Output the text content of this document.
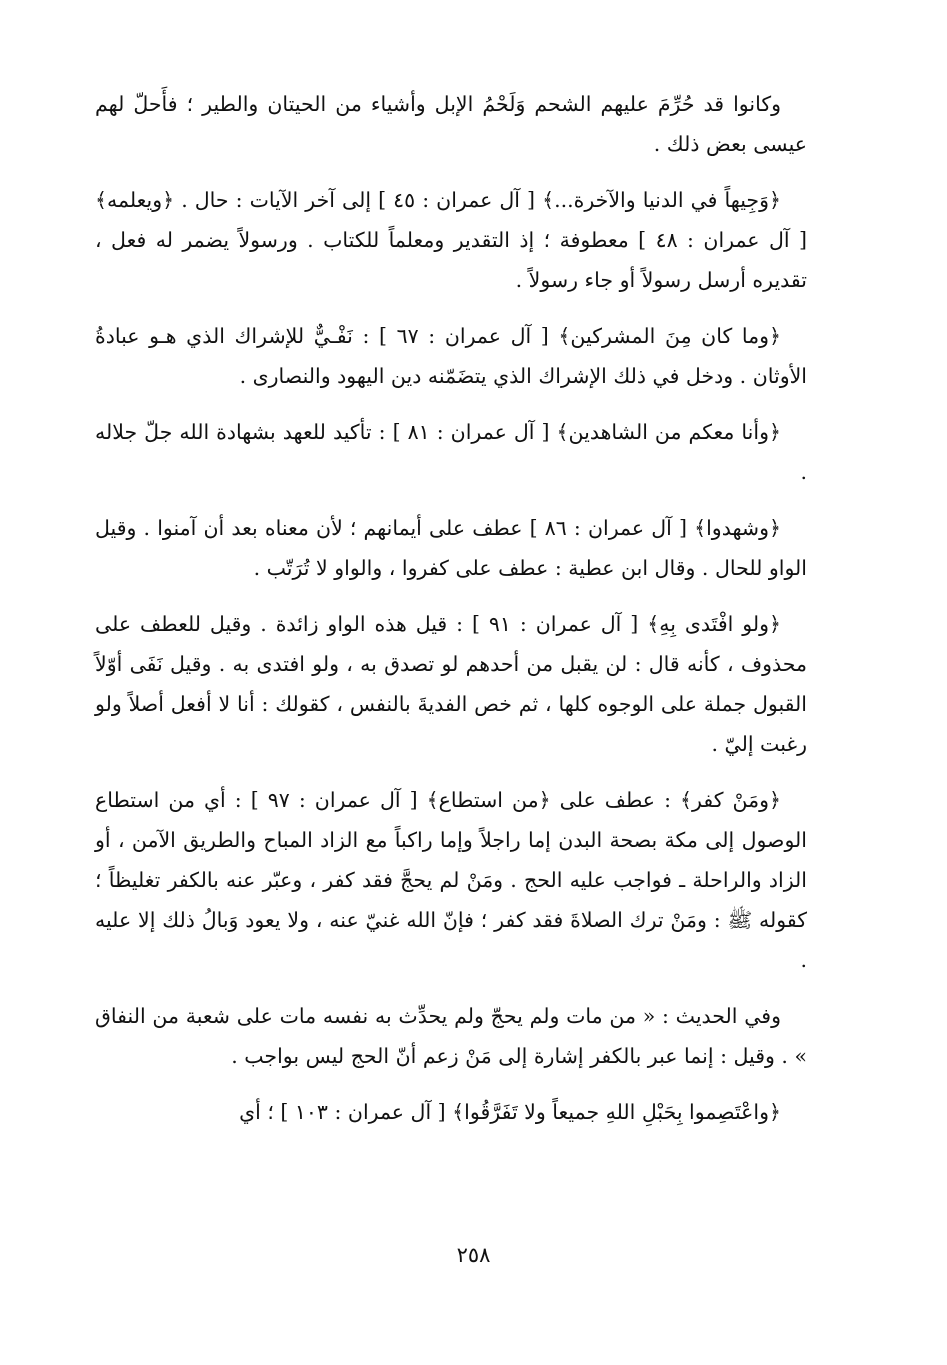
وكانوا قد حُرِّمَ عليهم الشحم وَلَحْمُ الإبل وأشياء من الحيتان والطير ؛ فأَحلّ لهم عيسى بعض ذلك .

﴿وَجِيهاً في الدنيا والآخرة...﴾ [ آل عمران : ٤٥ ] إلى آخر الآيات : حال . ﴿ويعلمه﴾ [ آل عمران : ٤٨ ] معطوفة ؛ إذ التقدير ومعلماً للكتاب . ورسولاً يضمر له فعل ، تقديره أرسل رسولاً أو جاء رسولاً .

﴿وما كان مِنَ المشركين﴾ [ آل عمران : ٦٧ ] : نَفْـيٌّ للإشراك الذي هـو عبادةُ الأوثان . ودخل في ذلك الإشراك الذي يتضَمّنه دين اليهود والنصارى .

﴿وأنا معكم من الشاهدين﴾ [ آل عمران : ٨١ ] : تأكيد للعهد بشهادة الله جلّ جلاله .

﴿وشهدوا﴾ [ آل عمران : ٨٦ ] عطف على أيمانهم ؛ لأن معناه بعد أن آمنوا . وقيل الواو للحال . وقال ابن عطية : عطف على كفروا ، والواو لا تُرَتّب .

﴿ولو افْتَدى بِهِ﴾ [ آل عمران : ٩١ ] : قيل هذه الواو زائدة . وقيل للعطف على محذوف ، كأنه قال : لن يقبل من أحدهم لو تصدق به ، ولو افتدى به . وقيل نَفَى أوّلاً القبول جملة على الوجوه كلها ، ثم خص الفديةَ بالنفس ، كقولك : أنا لا أفعل أصلاً ولو رغبت إليّ .

﴿ومَنْ كفر﴾ : عطف على ﴿من استطاع﴾ [ آل عمران : ٩٧ ] : أي من استطاع الوصول إلى مكة بصحة البدن إما راجلاً وإما راكباً مع الزاد المباح والطريق الآمن ، أو الزاد والراحلة ـ فواجب عليه الحج . ومَنْ لم يحجَّ فقد كفر ، وعبّر عنه بالكفر تغليظاً ؛ كقوله ﷺ : ومَنْ ترك الصلاةَ فقد كفر ؛ فإنّ الله غنيّ عنه ، ولا يعود وَبالُ ذلك إلا عليه .

وفي الحديث : « من مات ولم يحجّ ولم يحدِّث به نفسه مات على شعبة من النفاق » . وقيل : إنما عبر بالكفر إشارة إلى مَنْ زعم أنّ الحج ليس بواجب .

﴿واعْتَصِموا بِحَبْلِ اللهِ جميعاً ولا تَفَرَّقُوا﴾ [ آل عمران : ١٠٣ ] ؛ أي

٢٥٨
